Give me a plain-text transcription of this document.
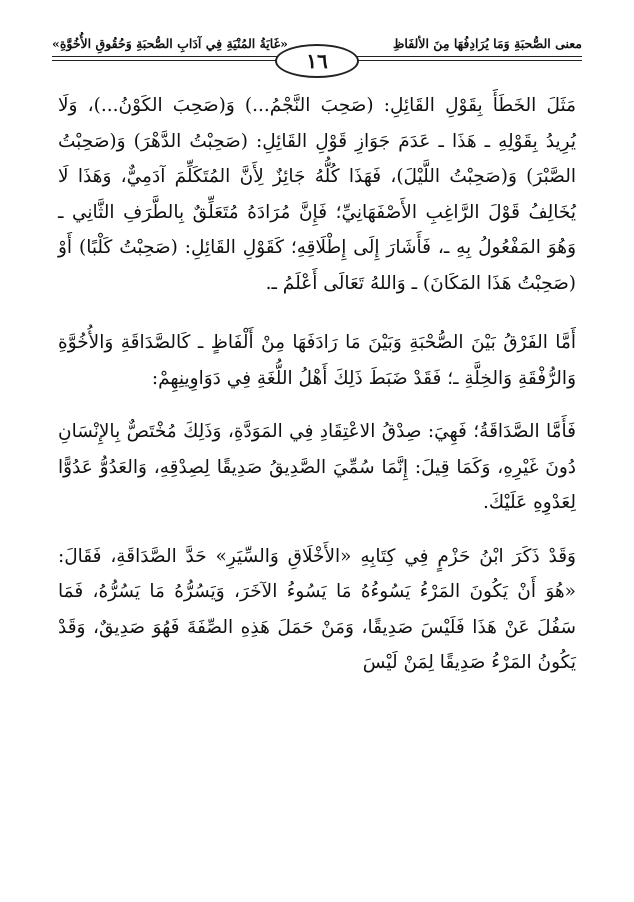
معنى الصُّحبَةِ وَمَا يُرَادِفُهَا مِنَ الألفَاظِ
«غَايَةُ المُنْيَةِ فِي آدَابِ الصُّحبَةِ وَحُقُوقِ الأُخُوَّةِ»
١٦

مَثَلَ الخَطَأَ بِقَوْلِ القَائِلِ: (صَحِبَ النَّجْمُ...) وَ(صَحِبَ الكَوْنُ...)، وَلَا يُرِيدُ بِقَوْلِهِ ـ هَذَا ـ عَدَمَ جَوَازِ قَوْلِ القَائِلِ: (صَحِبْتُ الدَّهْرَ) وَ(صَحِبْتُ الصَّبْرَ) وَ(صَحِبْتُ اللَّيْلَ)، فَهَذَا كُلُّهُ جَائِزٌ لِأَنَّ المُتَكَلِّمَ آدَمِيٌّ، وَهَذَا لَا يُخَالِفُ قَوْلَ الرَّاغِبِ الأَصْفَهَانِيِّ؛ فَإِنَّ مُرَادَهُ مُتَعَلِّقٌ بِالطَّرَفِ الثَّانِي ـ وَهُوَ المَفْعُولُ بِهِ ـ، فَأَشَارَ إِلَى إِطْلَاقِهِ؛ كَقَوْلِ القَائِلِ: (صَحِبْتُ كَلْبًا) أَوْ (صَحِبْتُ هَذَا المَكَانَ) ـ وَاللهُ تَعَالَى أَعْلَمُ ـ.

أَمَّا الفَرْقُ بَيْنَ الصُّحْبَةِ وَبَيْنَ مَا رَادَفَهَا مِنْ أَلْفَاظٍ ـ كَالصَّدَاقَةِ وَالأُخُوَّةِ وَالرُّفْقَةِ وَالخِلَّةِ ـ؛ فَقَدْ ضَبَطَ ذَلِكَ أَهْلُ اللُّغَةِ فِي دَوَاوِينِهِمْ:

فَأَمَّا الصَّدَاقَةُ؛ فَهِيَ: صِدْقُ الاعْتِقَادِ فِي المَوَدَّةِ، وَذَلِكَ مُخْتَصٌّ بِالإِنْسَانِ دُونَ غَيْرِهِ، وَكَمَا قِيلَ: إِنَّمَا سُمِّيَ الصَّدِيقُ صَدِيقًا لِصِدْقِهِ، وَالعَدُوُّ عَدُوًّا لِعَدْوِهِ عَلَيْكَ.

وَقَدْ ذَكَرَ ابْنُ حَزْمٍ فِي كِتَابِهِ «الأَخْلَاقِ وَالسِّيَرِ» حَدَّ الصَّدَاقَةِ، فَقَالَ: «هُوَ أَنْ يَكُونَ المَرْءُ يَسُوءُهُ مَا يَسُوءُ الآخَرَ، وَيَسُرُّهُ مَا يَسُرُّهُ، فَمَا سَفُلَ عَنْ هَذَا فَلَيْسَ صَدِيقًا، وَمَنْ حَمَلَ هَذِهِ الصِّفَةَ فَهُوَ صَدِيقٌ، وَقَدْ يَكُونُ المَرْءُ صَدِيقًا لِمَنْ لَيْسَ
